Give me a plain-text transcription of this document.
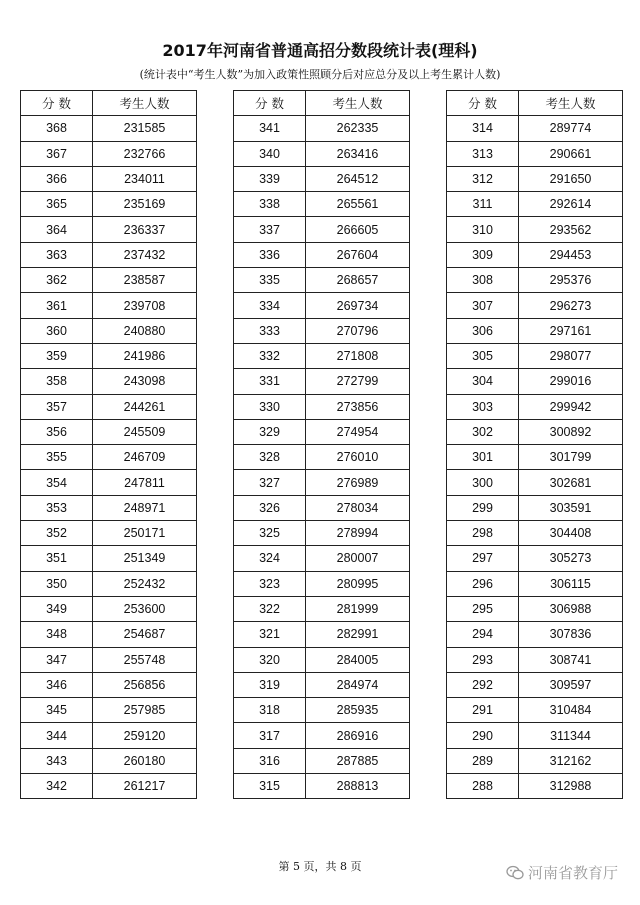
2017年河南省普通高招分数段统计表(理科)
(统计表中“考生人数”为加入政策性照顾分后对应总分及以上考生累计人数)
分 数	考生人数
368	231585
367	232766
366	234011
365	235169
364	236337
363	237432
362	238587
361	239708
360	240880
359	241986
358	243098
357	244261
356	245509
355	246709
354	247811
353	248971
352	250171
351	251349
350	252432
349	253600
348	254687
347	255748
346	256856
345	257985
344	259120
343	260180
342	261217
分 数	考生人数
341	262335
340	263416
339	264512
338	265561
337	266605
336	267604
335	268657
334	269734
333	270796
332	271808
331	272799
330	273856
329	274954
328	276010
327	276989
326	278034
325	278994
324	280007
323	280995
322	281999
321	282991
320	284005
319	284974
318	285935
317	286916
316	287885
315	288813
分 数	考生人数
314	289774
313	290661
312	291650
311	292614
310	293562
309	294453
308	295376
307	296273
306	297161
305	298077
304	299016
303	299942
302	300892
301	301799
300	302681
299	303591
298	304408
297	305273
296	306115
295	306988
294	307836
293	308741
292	309597
291	310484
290	311344
289	312162
288	312988
第 5 页，共 8 页	河南省教育厅
